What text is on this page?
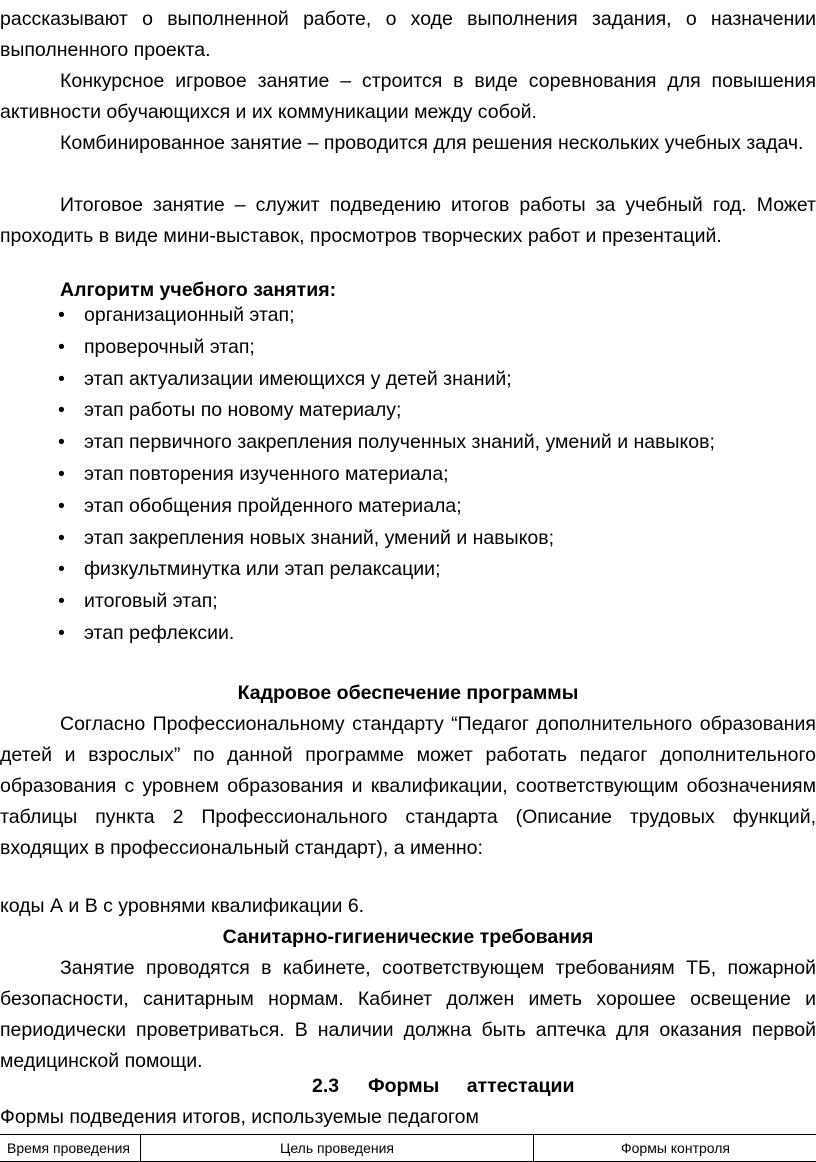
рассказывают о выполненной работе, о ходе выполнения задания, о назначении выполненного проекта.
Конкурсное игровое занятие – строится в виде соревнования для повышения активности обучающихся и их коммуникации между собой.
Комбинированное занятие – проводится для решения нескольких учебных задач.
Итоговое занятие – служит подведению итогов работы за учебный год. Может проходить в виде мини-выставок, просмотров творческих работ и презентаций.
Алгоритм учебного занятия:
• организационный этап;
• проверочный этап;
• этап актуализации имеющихся у детей знаний;
• этап работы по новому материалу;
• этап первичного закрепления полученных знаний, умений и навыков;
• этап повторения изученного материала;
• этап обобщения пройденного материала;
• этап закрепления новых знаний, умений и навыков;
• физкультминутка или этап релаксации;
• итоговый этап;
• этап рефлексии.
Кадровое обеспечение программы
Согласно Профессиональному стандарту “Педагог дополнительного образования детей и взрослых” по данной программе может работать педагог дополнительного образования с уровнем образования и квалификации, соответствующим обозначениям таблицы пункта 2 Профессионального стандарта (Описание трудовых функций, входящих в профессиональный стандарт), а именно:
коды А и В с уровнями квалификации 6.
Санитарно-гигиенические требования
Занятие проводятся в кабинете, соответствующем требованиям ТБ, пожарной безопасности, санитарным нормам. Кабинет должен иметь хорошее освещение и периодически проветриваться. В наличии должна быть аптечка для оказания первой медицинской помощи.
2.3 Формы аттестации
Формы подведения итогов, используемые педагогом
Время проведения	Цель проведения	Формы контроля
